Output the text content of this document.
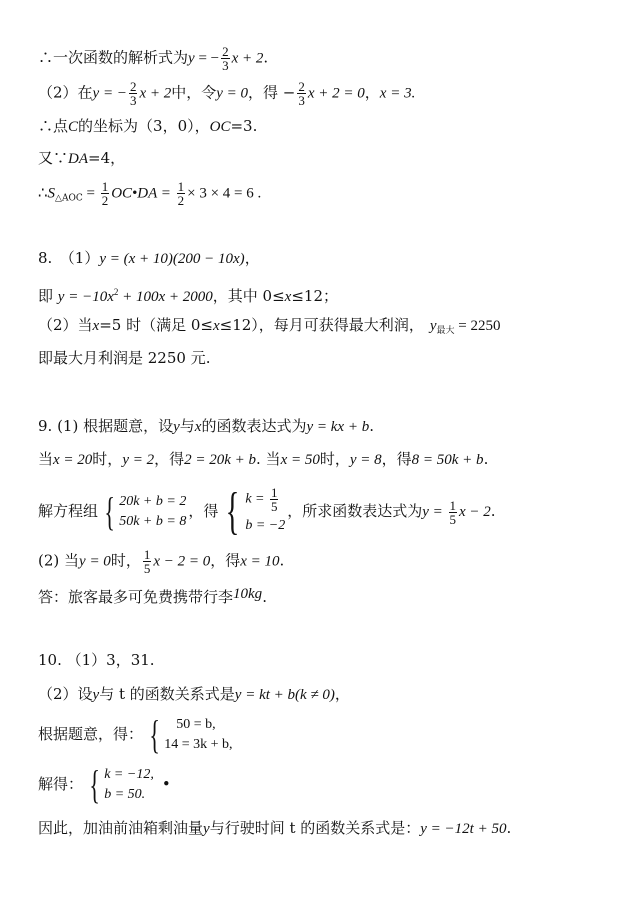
∴一次函数的解析式为y = − $\frac{2}{3}$ x + 2.
（2）在y = − $\frac{2}{3}$ x + 2中，令y = 0，得 − $\frac{2}{3}$ x + 2 = 0，x = 3.
∴点C的坐标为（3，0），OC=3.
又∵DA=4，
$\therefore S_{\triangle AOC} = \frac{1}{2}$ OC•DA = $\frac{1}{2} \times 3 \times 4 = 6$ .
8.　（1）y = (x + 10)(200 − 10x)，
即 $y = -10x^2 + 100x + 2000$，其中 0≤x≤12；
（2）当x=5 时（满足 0≤x≤12），每月可获得最大利润， $y_{最大} = 2250$
即最大月利润是 2250 元.
9. (1) 根据题意，设y与x的函数表达式为y = kx + b.
当x = 20时，y = 2，得2 = 20k + b. 当x = 50时，y = 8，得8 = 50k + b.
解方程组 { 20k + b = 2
50k + b = 8
，得 { $k = \frac{1}{5}$
b = −2
，所求函数表达式为$y = \frac{1}{5}$ x − 2.
(2) 当y = 0时， $\frac{1}{5}$ x − 2 = 0，得x = 10.
答：旅客最多可免费携带行李10kg.
10. （1）3，31.
（2）设y与 t 的函数关系式是y = kt + b(k ≠ 0)，
根据题意，得： {	50 = b,
14 = 3k + b,
解得： { k = −12,
b = 50.
•
因此，加油前油箱剩油量y与行驶时间 t 的函数关系式是：y = −12t + 50.
